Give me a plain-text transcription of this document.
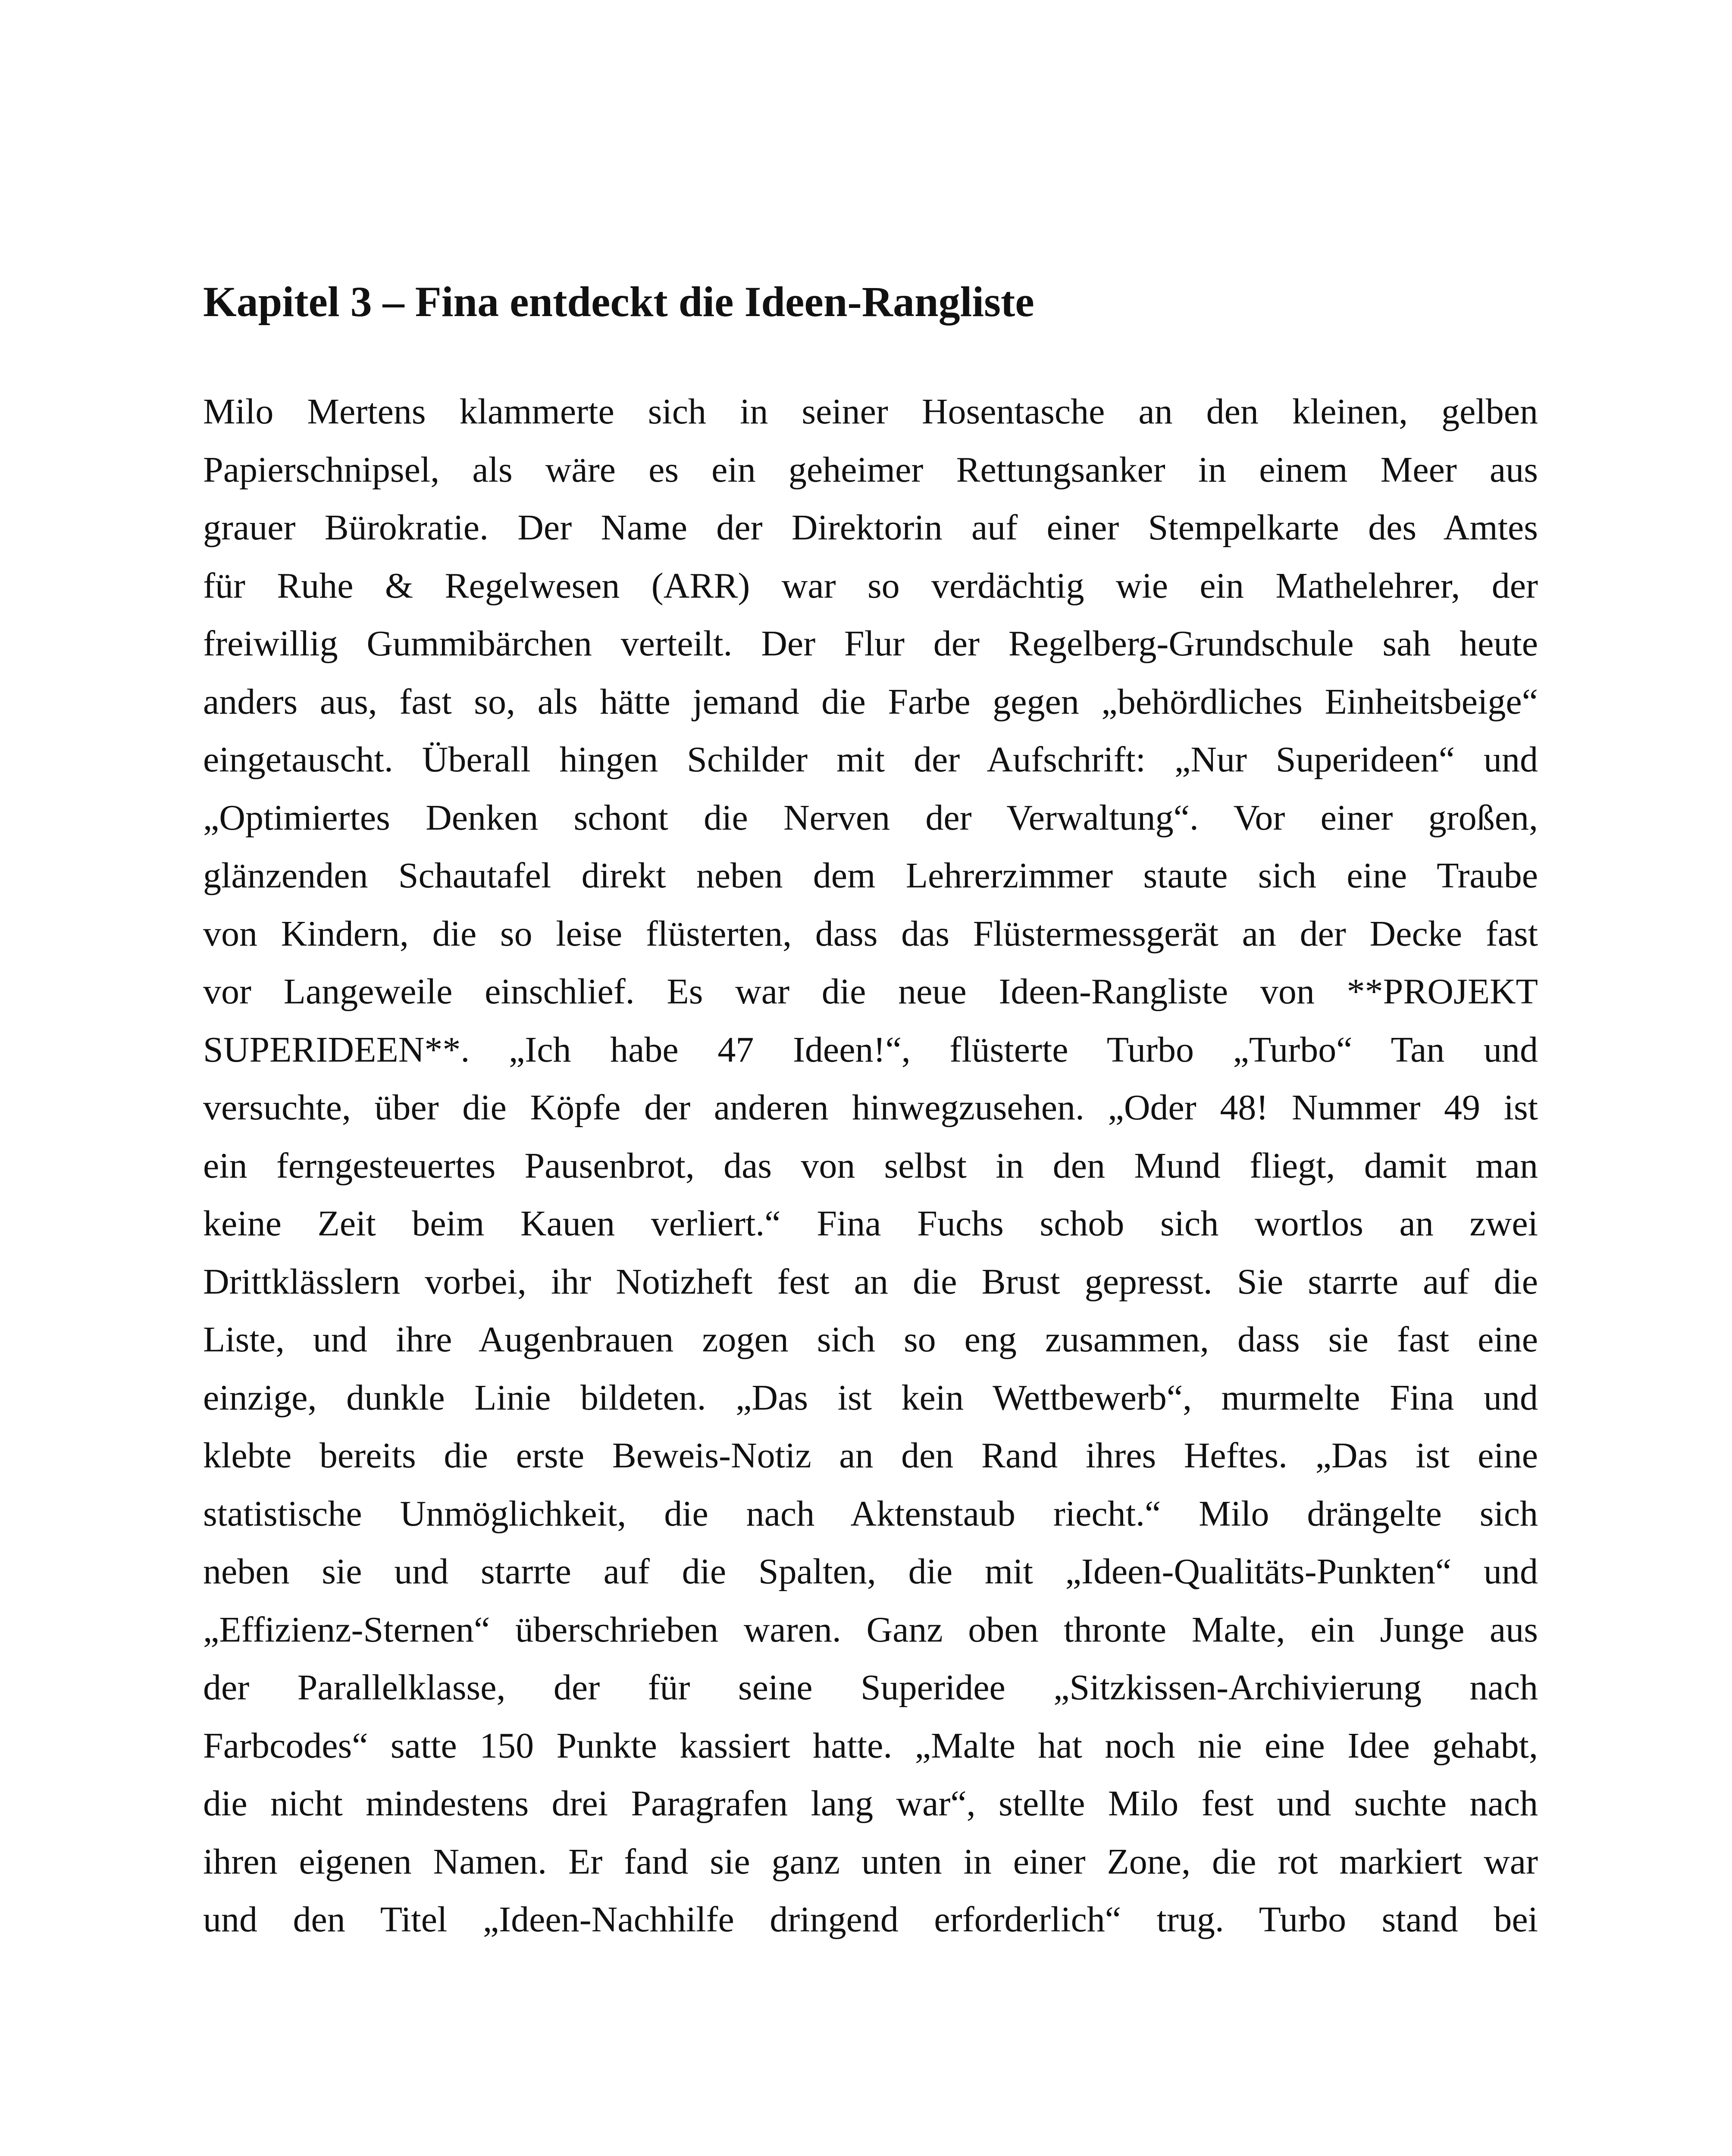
Kapitel 3 – Fina entdeckt die Ideen-Rangliste
Milo Mertens klammerte sich in seiner Hosentasche an den kleinen, gelben
Papierschnipsel, als wäre es ein geheimer Rettungsanker in einem Meer aus
grauer Bürokratie. Der Name der Direktorin auf einer Stempelkarte des Amtes
für Ruhe & Regelwesen (ARR) war so verdächtig wie ein Mathelehrer, der
freiwillig Gummibärchen verteilt. Der Flur der Regelberg-Grundschule sah heute
anders aus, fast so, als hätte jemand die Farbe gegen „behördliches Einheitsbeige“
eingetauscht. Überall hingen Schilder mit der Aufschrift: „Nur Superideen“ und
„Optimiertes Denken schont die Nerven der Verwaltung“. Vor einer großen,
glänzenden Schautafel direkt neben dem Lehrerzimmer staute sich eine Traube
von Kindern, die so leise flüsterten, dass das Flüstermessgerät an der Decke fast
vor Langeweile einschlief. Es war die neue Ideen-Rangliste von **PROJEKT
SUPERIDEEN**. „Ich habe 47 Ideen!“, flüsterte Turbo „Turbo“ Tan und
versuchte, über die Köpfe der anderen hinwegzusehen. „Oder 48! Nummer 49 ist
ein ferngesteuertes Pausenbrot, das von selbst in den Mund fliegt, damit man
keine Zeit beim Kauen verliert.“ Fina Fuchs schob sich wortlos an zwei
Drittklässlern vorbei, ihr Notizheft fest an die Brust gepresst. Sie starrte auf die
Liste, und ihre Augenbrauen zogen sich so eng zusammen, dass sie fast eine
einzige, dunkle Linie bildeten. „Das ist kein Wettbewerb“, murmelte Fina und
klebte bereits die erste Beweis-Notiz an den Rand ihres Heftes. „Das ist eine
statistische Unmöglichkeit, die nach Aktenstaub riecht.“ Milo drängelte sich
neben sie und starrte auf die Spalten, die mit „Ideen-Qualitäts-Punkten“ und
„Effizienz-Sternen“ überschrieben waren. Ganz oben thronte Malte, ein Junge aus
der Parallelklasse, der für seine Superidee „Sitzkissen-Archivierung nach
Farbcodes“ satte 150 Punkte kassiert hatte. „Malte hat noch nie eine Idee gehabt,
die nicht mindestens drei Paragrafen lang war“, stellte Milo fest und suchte nach
ihren eigenen Namen. Er fand sie ganz unten in einer Zone, die rot markiert war
und den Titel „Ideen-Nachhilfe dringend erforderlich“ trug. Turbo stand bei
